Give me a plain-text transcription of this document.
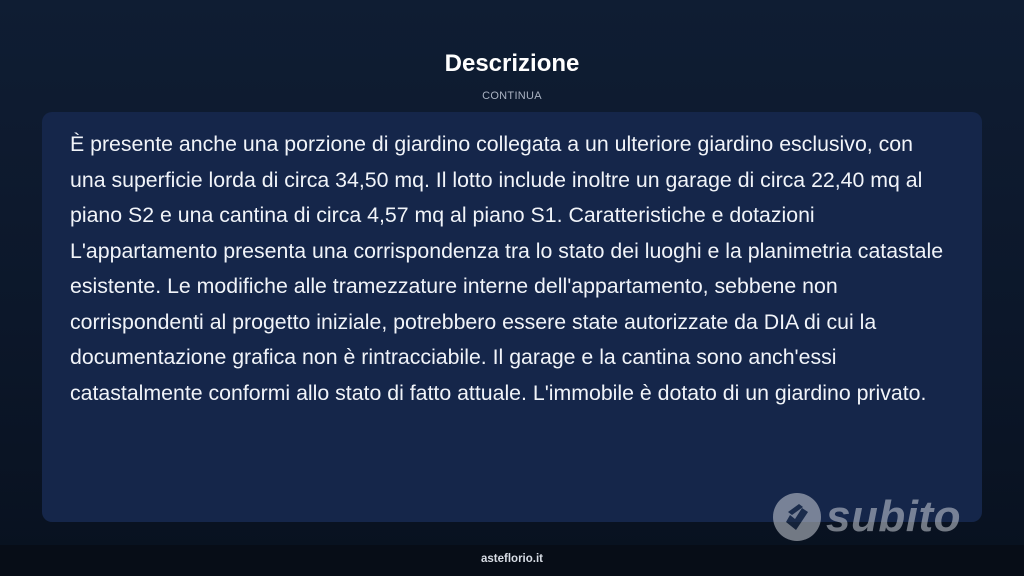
Descrizione
CONTINUA

È presente anche una porzione di giardino collegata a un ulteriore giardino esclusivo, con una superficie lorda di circa 34,50 mq. Il lotto include inoltre un garage di circa 22,40 mq al piano S2 e una cantina di circa 4,57 mq al piano S1. Caratteristiche e dotazioni L'appartamento presenta una corrispondenza tra lo stato dei luoghi e la planimetria catastale esistente. Le modifiche alle tramezzature interne dell'appartamento, sebbene non corrispondenti al progetto iniziale, potrebbero essere state autorizzate da DIA di cui la documentazione grafica non è rintracciabile. Il garage e la cantina sono anch'essi catastalmente conformi allo stato di fatto attuale. L'immobile è dotato di un giardino privato.

subito
asteflorio.it
